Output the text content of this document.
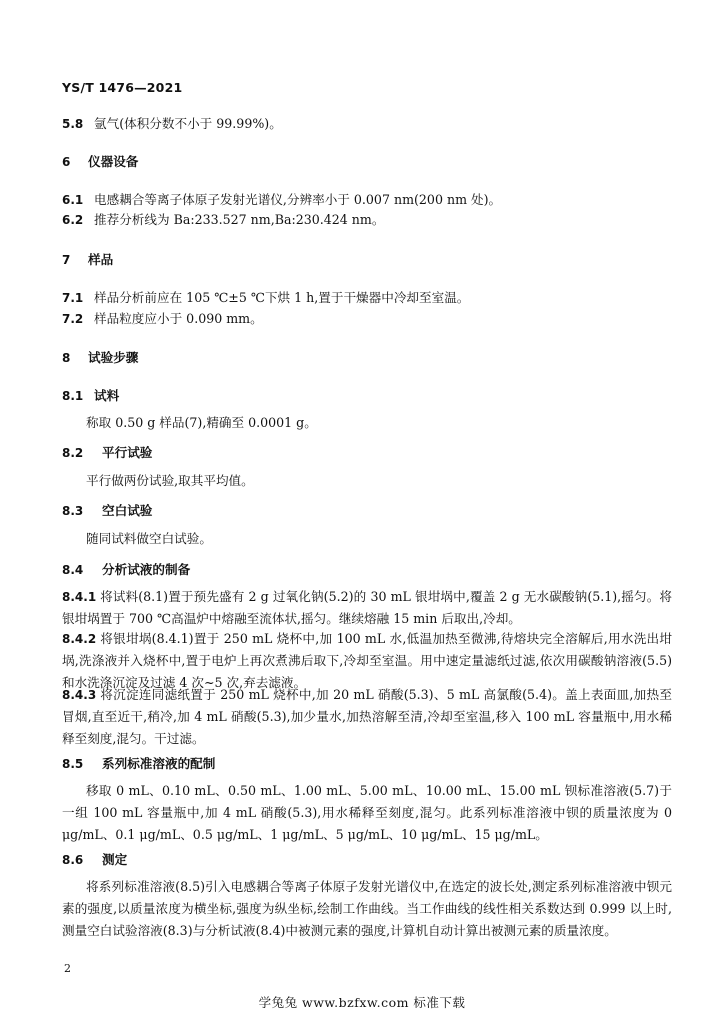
YS/T 1476—2021
5.8 氩气(体积分数不小于 99.99%)。
6 仪器设备
6.1 电感耦合等离子体原子发射光谱仪,分辨率小于 0.007 nm(200 nm 处)。
6.2 推荐分析线为 Ba:233.527 nm,Ba:230.424 nm。
7 样品
7.1 样品分析前应在 105 ℃±5 ℃下烘 1 h,置于干燥器中冷却至室温。
7.2 样品粒度应小于 0.090 mm。
8 试验步骤
8.1 试料
称取 0.50 g 样品(7),精确至 0.0001 g。
8.2 平行试验
平行做两份试验,取其平均值。
8.3 空白试验
随同试料做空白试验。
8.4 分析试液的制备
8.4.1 将试料(8.1)置于预先盛有 2 g 过氧化钠(5.2)的 30 mL 银坩埚中,覆盖 2 g 无水碳酸钠(5.1),摇匀。将银坩埚置于 700 ℃高温炉中熔融至流体状,摇匀。继续熔融 15 min 后取出,冷却。
8.4.2 将银坩埚(8.4.1)置于 250 mL 烧杯中,加 100 mL 水,低温加热至微沸,待熔块完全溶解后,用水洗出坩埚,洗涤液并入烧杯中,置于电炉上再次煮沸后取下,冷却至室温。用中速定量滤纸过滤,依次用碳酸钠溶液(5.5)和水洗涤沉淀及过滤 4 次~5 次,弃去滤液。
8.4.3 将沉淀连同滤纸置于 250 mL 烧杯中,加 20 mL 硝酸(5.3)、5 mL 高氯酸(5.4)。盖上表面皿,加热至冒烟,直至近干,稍冷,加 4 mL 硝酸(5.3),加少量水,加热溶解至清,冷却至室温,移入 100 mL 容量瓶中,用水稀释至刻度,混匀。干过滤。
8.5 系列标准溶液的配制
移取 0 mL、0.10 mL、0.50 mL、1.00 mL、5.00 mL、10.00 mL、15.00 mL 钡标准溶液(5.7)于一组 100 mL 容量瓶中,加 4 mL 硝酸(5.3),用水稀释至刻度,混匀。此系列标准溶液中钡的质量浓度为 0 μg/mL、0.1 μg/mL、0.5 μg/mL、1 μg/mL、5 μg/mL、10 μg/mL、15 μg/mL。
8.6 测定
将系列标准溶液(8.5)引入电感耦合等离子体原子发射光谱仪中,在选定的波长处,测定系列标准溶液中钡元素的强度,以质量浓度为横坐标,强度为纵坐标,绘制工作曲线。当工作曲线的线性相关系数达到 0.999 以上时,测量空白试验溶液(8.3)与分析试液(8.4)中被测元素的强度,计算机自动计算出被测元素的质量浓度。
2
学兔兔 www.bzfxw.com 标准下载
